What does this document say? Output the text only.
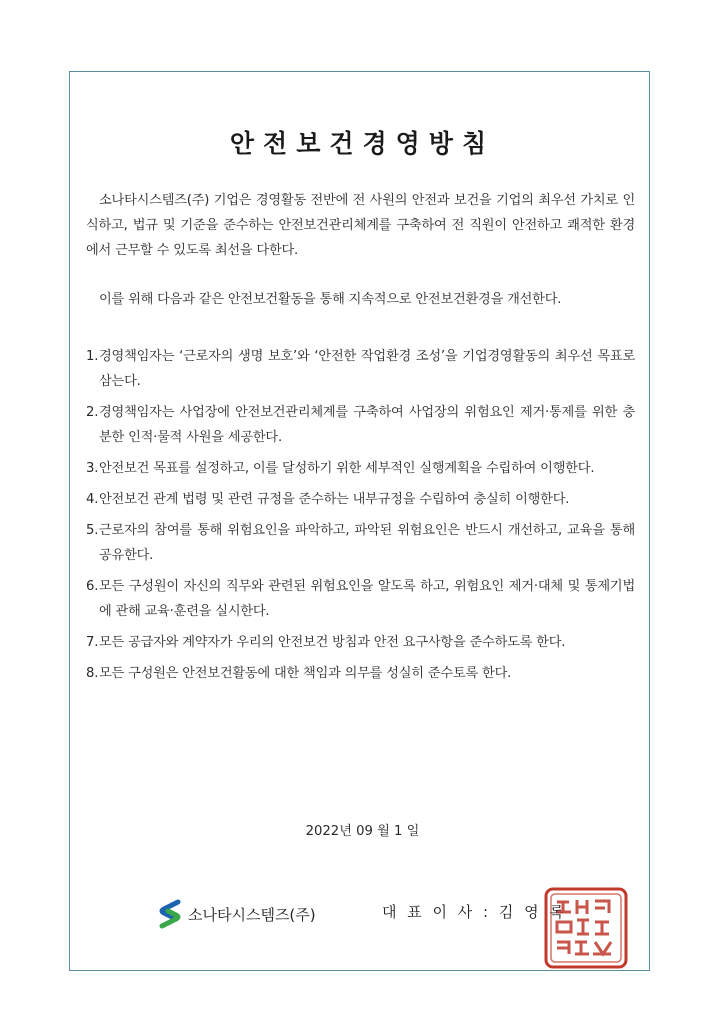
안전보건경영방침

소나타시스템즈(주) 기업은 경영활동 전반에 전 사원의 안전과 보건을 기업의 최우선 가치로 인식하고, 법규 및 기준을 준수하는 안전보건관리체계를 구축하여 전 직원이 안전하고 쾌적한 환경에서 근무할 수 있도록 최선을 다한다.

이를 위해 다음과 같은 안전보건활동을 통해 지속적으로 안전보건환경을 개선한다.

1. 경영책임자는 ‘근로자의 생명 보호’와 ‘안전한 작업환경 조성’을 기업경영활동의 최우선 목표로 삼는다.
2. 경영책임자는 사업장에 안전보건관리체계를 구축하여 사업장의 위험요인 제거·통제를 위한 충분한 인적·물적 사원을 세공한다.
3. 안전보건 목표를 설정하고, 이를 달성하기 위한 세부적인 실행계획을 수립하여 이행한다.
4. 안전보건 관계 법령 및 관련 규정을 준수하는 내부규정을 수립하여 충실히 이행한다.
5. 근로자의 참여를 통해 위험요인을 파악하고, 파악된 위험요인은 반드시 개선하고, 교육을 통해 공유한다.
6. 모든 구성원이 자신의 직무와 관련된 위험요인을 알도록 하고, 위험요인 제거·대체 및 통제기법에 관해 교육·훈련을 실시한다.
7. 모든 공급자와 계약자가 우리의 안전보건 방침과 안전 요구사항을 준수하도록 한다.
8. 모든 구성원은 안전보건활동에 대한 책임과 의무를 성실히 준수토록 한다.

2022년 09 월 1 일

소나타시스템즈(주)	대 표 이 사 : 김 영 록
